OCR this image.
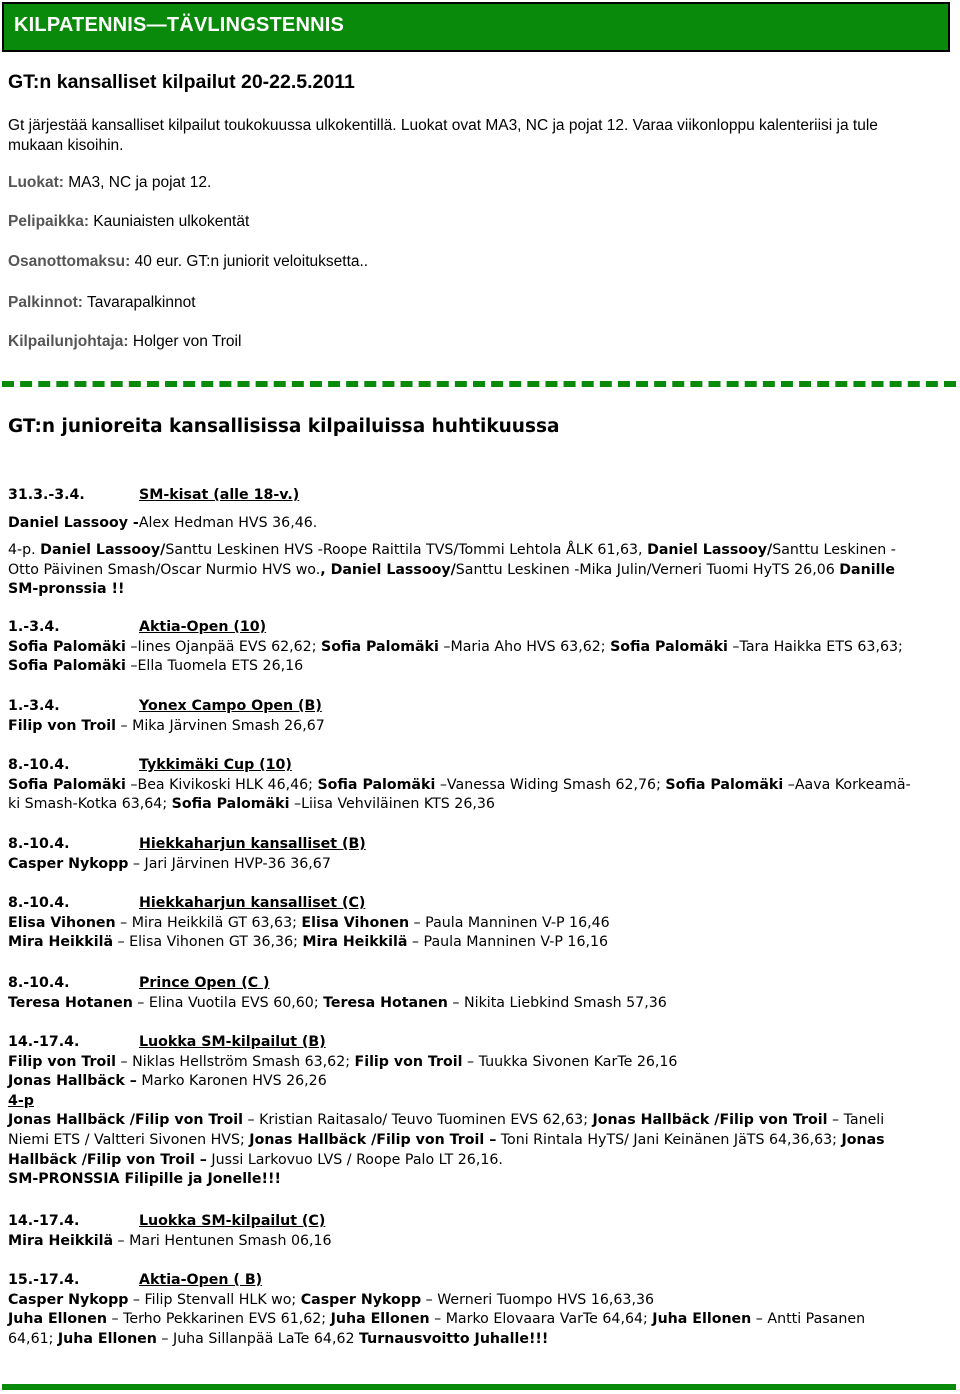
KILPATENNIS—TÄVLINGSTENNIS
GT:n kansalliset kilpailut 20-22.5.2011
Gt järjestää kansalliset kilpailut toukokuussa ulkokentillä. Luokat ovat MA3, NC ja pojat 12. Varaa viikonloppu kalenteriisi ja tule
mukaan kisoihin.
Luokat: MA3, NC ja pojat 12.
Pelipaikka: Kauniaisten ulkokentät
Osanottomaksu: 40 eur. GT:n juniorit veloituksetta..
Palkinnot: Tavarapalkinnot
Kilpailunjohtaja: Holger von Troil
GT:n junioreita kansallisissa kilpailuissa huhtikuussa
31.3.-3.4.	SM-kisat (alle 18-v.)
Daniel Lassooy -Alex Hedman HVS 36,46.
4-p. Daniel Lassooy/Santtu Leskinen HVS -Roope Raittila TVS/Tommi Lehtola ÅLK 61,63, Daniel Lassooy/Santtu Leskinen -
Otto Päivinen Smash/Oscar Nurmio HVS wo., Daniel Lassooy/Santtu Leskinen -Mika Julin/Verneri Tuomi HyTS 26,06 Danille
SM-pronssia !!
1.-3.4.	Aktia-Open (10)
Sofia Palomäki –Iines Ojanpää EVS 62,62; Sofia Palomäki –Maria Aho HVS 63,62; Sofia Palomäki –Tara Haikka ETS 63,63;
Sofia Palomäki –Ella Tuomela ETS 26,16
1.-3.4.	Yonex Campo Open (B)
Filip von Troil – Mika Järvinen Smash 26,67
8.-10.4.	Tykkimäki Cup (10)
Sofia Palomäki –Bea Kivikoski HLK 46,46; Sofia Palomäki –Vanessa Widing Smash 62,76; Sofia Palomäki –Aava Korkeamä-
ki Smash-Kotka 63,64; Sofia Palomäki –Liisa Vehviläinen KTS 26,36
8.-10.4.	Hiekkaharjun kansalliset (B)
Casper Nykopp – Jari Järvinen HVP-36 36,67
8.-10.4.	Hiekkaharjun kansalliset (C)
Elisa Vihonen – Mira Heikkilä GT 63,63; Elisa Vihonen – Paula Manninen V-P 16,46
Mira Heikkilä – Elisa Vihonen GT 36,36; Mira Heikkilä – Paula Manninen V-P 16,16
8.-10.4.	Prince Open (C )
Teresa Hotanen – Elina Vuotila EVS 60,60; Teresa Hotanen – Nikita Liebkind Smash 57,36
14.-17.4.	Luokka SM-kilpailut (B)
Filip von Troil – Niklas Hellström Smash 63,62; Filip von Troil – Tuukka Sivonen KarTe 26,16
Jonas Hallbäck – Marko Karonen HVS 26,26
4-p
Jonas Hallbäck /Filip von Troil – Kristian Raitasalo/ Teuvo Tuominen EVS 62,63; Jonas Hallbäck /Filip von Troil – Taneli
Niemi ETS / Valtteri Sivonen HVS; Jonas Hallbäck /Filip von Troil – Toni Rintala HyTS/ Jani Keinänen JäTS 64,36,63; Jonas
Hallbäck /Filip von Troil – Jussi Larkovuo LVS / Roope Palo LT 26,16.
SM-PRONSSIA Filipille ja Jonelle!!!
14.-17.4.	Luokka SM-kilpailut (C)
Mira Heikkilä – Mari Hentunen Smash 06,16
15.-17.4.	Aktia-Open ( B)
Casper Nykopp – Filip Stenvall HLK wo; Casper Nykopp – Werneri Tuompo HVS 16,63,36
Juha Ellonen – Terho Pekkarinen EVS 61,62; Juha Ellonen – Marko Elovaara VarTe 64,64; Juha Ellonen – Antti Pasanen
64,61; Juha Ellonen – Juha Sillanpää LaTe 64,62 Turnausvoitto Juhalle!!!
